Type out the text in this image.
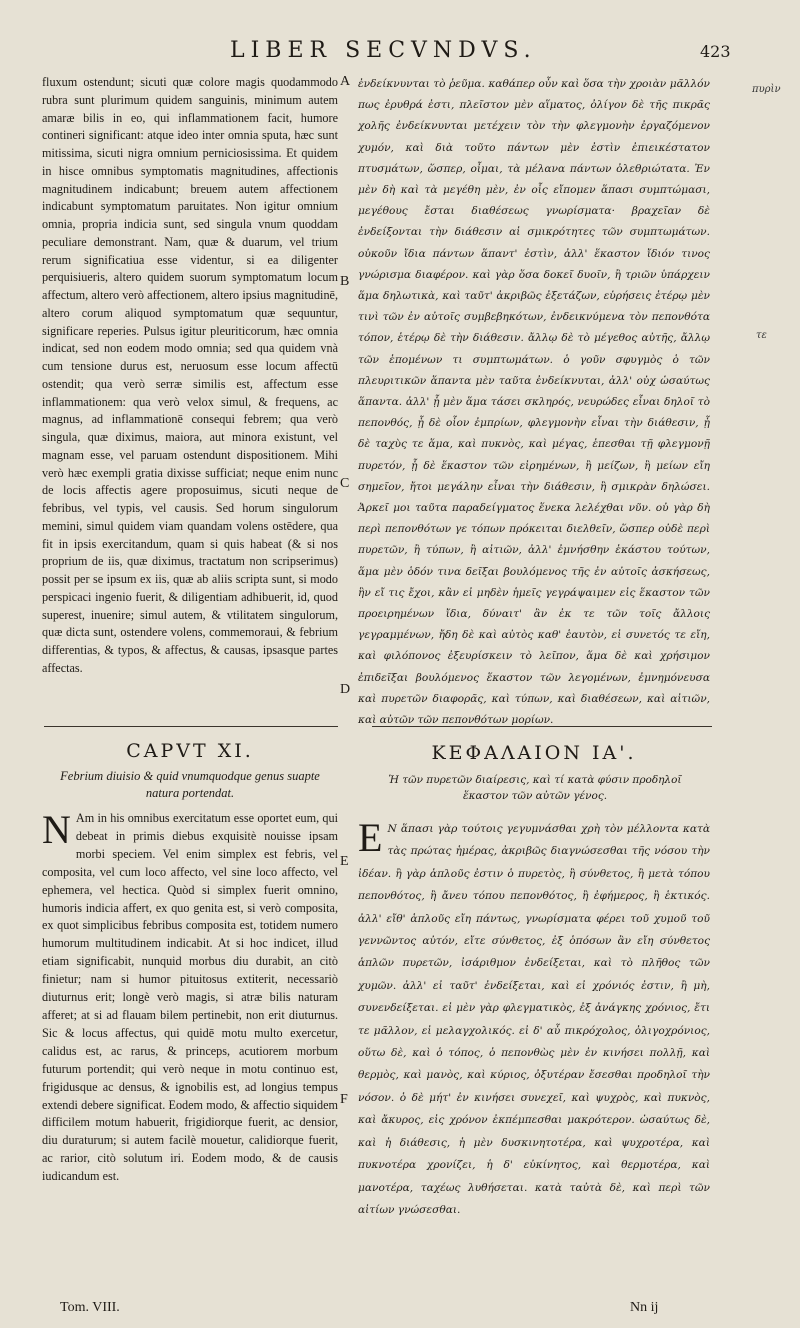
LIBER SECVNDVS.	423

fluxum ostendunt; sicuti quæ colore magis quodammodo rubra sunt plurimum quidem sanguinis, minimum autem amaræ bilis in eo, qui inflammationem facit, humore contineri significant: atque ideo inter omnia sputa, hæc sunt mitissima, sicuti nigra omnium perniciosissima. Et quidem in hisce omnibus symptomatis magnitudines, affectionis magnitudinem indicabunt; breuem autem affectionem indicabunt symptomatum paruitates. Non igitur omnium omnia, propria indicia sunt, sed singula vnum quoddam peculiare demonstrant. Nam, quæ & duarum, vel trium rerum significatiua esse videntur, si ea diligenter perquisiueris, altero quidem suorum symptomatum locum affectum, altero verò affectionem, altero ipsius magnitudinē, altero corum aliquod symptomatum quæ sequuntur, significare reperies. Pulsus igitur pleuriticorum, hæc omnia indicat, sed non eodem modo omnia; sed qua quidem vnà cum tensione durus est, neruosum esse locum affectū ostendit; qua verò serræ similis est, affectum esse inflammationem: qua verò velox simul, & frequens, ac magnus, ad inflammationē consequi febrem; qua verò singula, quæ diximus, maiora, aut minora existunt, vel magnam esse, vel paruam ostendunt dispositionem. Mihi verò hæc exempli gratia dixisse sufficiat; neque enim nunc de locis affectis agere proposuimus, sicuti neque de febribus, vel typis, vel causis. Sed horum singulorum memini, simul quidem viam quandam volens ostēdere, qua fit in ipsis exercitandum, quam si quis habeat (& si nos proprium de iis, quæ diximus, tractatum non scripserimus) possit per se ipsum ex iis, quæ ab aliis scripta sunt, si modo perspicaci ingenio fuerit, & diligentiam adhibuerit, id, quod superest, inuenire; simul autem, & vtilitatem singulorum, quæ dicta sunt, ostendere volens, commemoraui, & febrium differentias, & typos, & affectus, & causas, ipsasque partes affectas.

ἐνδείκνυνται τὸ ῥεῦμα. καθάπερ οὖν καὶ ὅσα τὴν χροιὰν μᾶλλόν πως ἐρυθρά ἐστι, πλεῖστον μὲν αἵματος, ὀλίγον δὲ τῆς πικρᾶς χολῆς ἐνδείκνυνται μετέχειν τὸν τὴν φλεγμονὴν ἐργαζόμενον χυμόν, καὶ διὰ τοῦτο πάντων μὲν ἐστὶν ἐπιεικέστατον πτυσμάτων, ὥσπερ, οἶμαι, τὰ μέλανα πάντων ὀλεθριώτατα. Ἐν μὲν δὴ καὶ τὰ μεγέθη μὲν, ἐν οἷς εἴπομεν ἅπασι συμπτώμασι, μεγέθους ἔσται διαθέσεως γνωρίσματα· βραχεῖαν δὲ ἐνδείξονται τὴν διάθεσιν αἱ σμικρότητες τῶν συμπτωμάτων. οὐκοῦν ἴδια πάντων ἅπαντ' ἐστὶν, ἀλλ' ἕκαστον ἴδιόν τινος γνώρισμα διαφέρον. καὶ γὰρ ὅσα δοκεῖ δυοῖν, ἢ τριῶν ὑπάρχειν ἅμα δηλωτικὰ, καὶ ταῦτ' ἀκριβῶς ἐξετάζων, εὑρήσεις ἑτέρῳ μὲν τινὶ τῶν ἐν αὐτοῖς συμβεβηκότων, ἐνδεικνύμενα τὸν πεπονθότα τόπον, ἑτέρῳ δὲ τὴν διάθεσιν. ἄλλῳ δὲ τὸ μέγεθος αὐτῆς, ἄλλῳ τῶν ἑπομένων τι συμπτωμάτων. ὁ γοῦν σφυγμὸς ὁ τῶν πλευριτικῶν ἅπαντα μὲν ταῦτα ἐνδείκνυται, ἀλλ' οὐχ ὡσαύτως ἅπαντα. ἀλλ' ᾗ μὲν ἅμα τάσει σκληρός, νευρώδες εἶναι δηλοῖ τὸ πεπονθός, ᾗ δὲ οἷον ἐμπρίων, φλεγμονὴν εἶναι τὴν διάθεσιν, ᾗ δὲ ταχὺς τε ἅμα, καὶ πυκνὸς, καὶ μέγας, ἑπεσθαι τῇ φλεγμονῇ πυρετόν, ᾗ δὲ ἕκαστον τῶν εἰρημένων, ἢ μείζων, ἢ μείων εἴη σημεῖον, ἤτοι μεγάλην εἶναι τὴν διάθεσιν, ἢ σμικρὰν δηλώσει. Ἀρκεῖ μοι ταῦτα παραδείγματος ἕνεκα λελέχθαι νῦν. οὐ γὰρ δὴ περὶ πεπονθότων γε τόπων πρόκειται διελθεῖν, ὥσπερ οὐδὲ περὶ πυρετῶν, ἢ τύπων, ἢ αἰτιῶν, ἀλλ' ἐμνήσθην ἑκάστου τούτων, ἅμα μὲν ὁδόν τινα δεῖξαι βουλόμενος τῆς ἐν αὐτοῖς ἀσκήσεως, ἣν εἴ τις ἔχοι, κἂν εἰ μηδὲν ἡμεῖς γεγράψαιμεν εἰς ἕκαστον τῶν προειρημένων ἴδια, δύναιτ' ἂν ἐκ τε τῶν τοῖς ἄλλοις γεγραμμένων, ἤδη δὲ καὶ αὐτὸς καθ' ἑαυτὸν, εἰ συνετός τε εἴη, καὶ φιλόπονος ἐξευρίσκειν τὸ λεῖπον, ἅμα δὲ καὶ χρήσιμον ἐπιδεῖξαι βουλόμενος ἕκαστον τῶν λεγομένων, ἐμνημόνευσα καὶ πυρετῶν διαφορᾶς, καὶ τύπων, καὶ διαθέσεων, καὶ αἰτιῶν, καὶ αὐτῶν τῶν πεπονθότων μορίων.

A
B
C
D
E
F
πυρὶν
τε
CAPVT XI.
Febrium diuisio & quid vnumquodque genus suapte natura portendat.
ΚΕΦΑΛΑΙΟΝ ΙΑ'.
Ἡ τῶν πυρετῶν διαίρεσις, καὶ τί κατὰ φύσιν προδηλοῖ ἕκαστον τῶν αὐτῶν γένος.
N Am in his omnibus exercitatum esse oportet eum, qui debeat in primis diebus exquisitè nouisse ipsam morbi speciem. Vel enim simplex est febris, vel composita, vel cum loco affecto, vel sine loco affecto, vel ephemera, vel hectica. Quòd si simplex fuerit omnino, humoris indicia affert, ex quo genita est, si verò composita, ex quot simplicibus febribus composita est, totidem numero humorum multitudinem indicabit. At si hoc indicet, illud etiam significabit, nunquid morbus diu durabit, an citò finietur; nam si humor pituitosus extiterit, necessariò diuturnus erit; longè verò magis, si atræ bilis naturam afferet; at si ad flauam bilem pertinebit, non erit diuturnus. Sic & locus affectus, qui quidē motu multo exercetur, calidus est, ac rarus, & princeps, acutiorem morbum futurum portendit; qui verò neque in motu continuo est, frigidusque ac densus, & ignobilis est, ad longius tempus extendi debere significat. Eodem modo, & affectio siquidem difficilem motum habuerit, frigidiorque fuerit, ac densior, diu duraturum; si autem facilè mouetur, calidiorque fuerit, ac rarior, citò solutum iri. Eodem modo, & de causis iudicandum est.
Ε Ν ἅπασι γὰρ τούτοις γεγυμνάσθαι χρὴ τὸν μέλλοντα κατὰ τὰς πρώτας ἡμέρας, ἀκριβῶς διαγνώσεσθαι τῆς νόσου τὴν ἰδέαν. ἢ γὰρ ἁπλοῦς ἐστιν ὁ πυρετὸς, ἢ σύνθετος, ἢ μετὰ τόπου πεπονθότος, ἢ ἄνευ τόπου πεπονθότος, ἢ ἐφήμερος, ἢ ἑκτικός. ἀλλ' εἴθ' ἁπλοῦς εἴη πάντως, γνωρίσματα φέρει τοῦ χυμοῦ τοῦ γεννῶντος αὐτόν, εἴτε σύνθετος, ἐξ ὁπόσων ἂν εἴη σύνθετος ἁπλῶν πυρετῶν, ἰσάριθμον ἐνδείξεται, καὶ τὸ πλῆθος τῶν χυμῶν. ἀλλ' εἰ ταῦτ' ἐνδείξεται, καὶ εἰ χρόνιός ἐστιν, ἢ μὴ, συνενδείξεται. εἰ μὲν γὰρ φλεγματικὸς, ἐξ ἀνάγκης χρόνιος, ἔτι τε μᾶλλον, εἰ μελαγχολικός. εἰ δ' αὖ πικρόχολος, ὀλιγοχρόνιος, οὕτω δὲ, καὶ ὁ τόπος, ὁ πεπονθὼς μὲν ἐν κινήσει πολλῇ, καὶ θερμὸς, καὶ μανὸς, καὶ κύριος, ὀξυτέραν ἔσεσθαι προδηλοῖ τὴν νόσον. ὁ δὲ μήτ' ἐν κινήσει συνεχεῖ, καὶ ψυχρὸς, καὶ πυκνὸς, καὶ ἄκυρος, εἰς χρόνον ἐκπέμπεσθαι μακρότερον. ὡσαύτως δὲ, καὶ ἡ διάθεσις, ἡ μὲν δυσκινητοτέρα, καὶ ψυχροτέρα, καὶ πυκνοτέρα χρονίζει, ἡ δ' εὐκίνητος, καὶ θερμοτέρα, καὶ μανοτέρα, ταχέως λυθήσεται. κατὰ ταὐτὰ δὲ, καὶ περὶ τῶν αἰτίων γνώσεσθαι.
Tom. VIII.	Nn ij
